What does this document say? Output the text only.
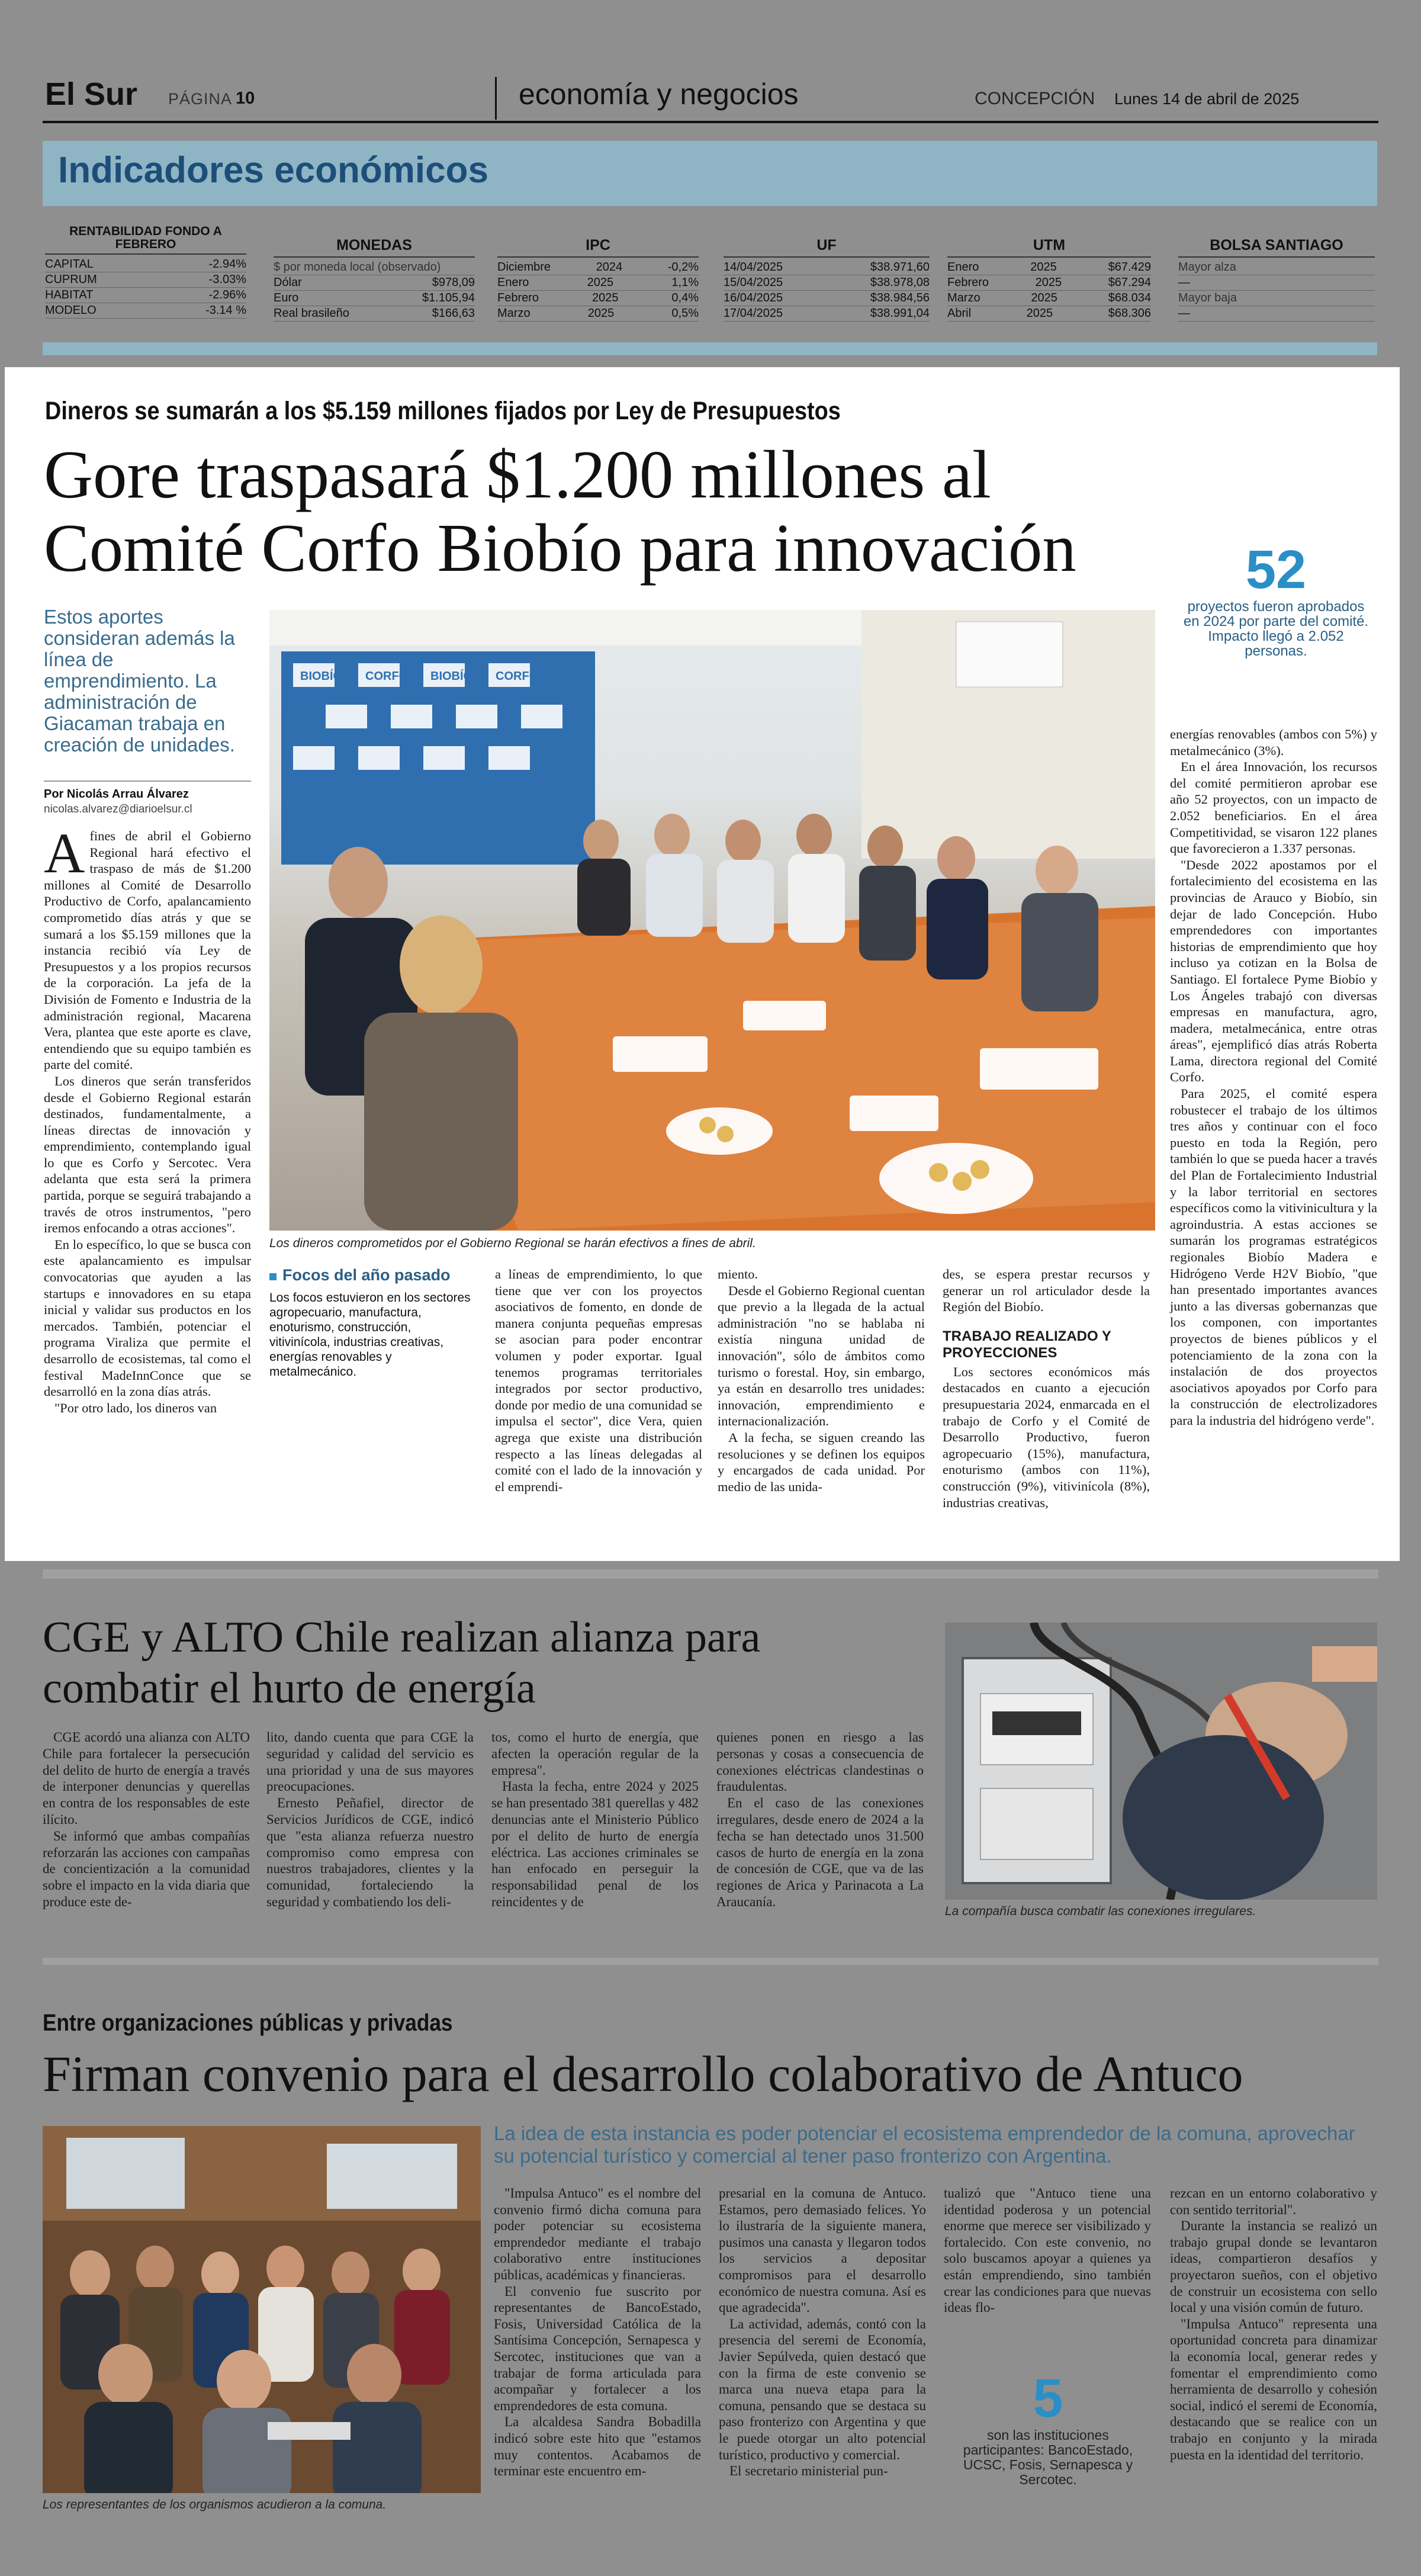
El Sur PÁGINA 10	economía y negocios	CONCEPCIÓN Lunes 14 de abril de 2025
Indicadores económicos
RENTABILIDAD FONDO A FEBRERO
CAPITAL	-2.94%
CUPRUM	-3.03%
HABITAT	-2.96%
MODELO	-3.14 %
MONEDAS
$ por moneda local (observado)
Dólar	$978,09
Euro	$1.105,94
Real brasileño	$166,63
IPC
Diciembre	2024	-0,2%
Enero	2025	1,1%
Febrero	2025	0,4%
Marzo	2025	0,5%
UF
14/04/2025	$38.971,60
15/04/2025	$38.978,08
16/04/2025	$38.984,56
17/04/2025	$38.991,04
UTM
Enero	2025	$67.429
Febrero	2025	$67.294
Marzo	2025	$68.034
Abril	2025	$68.306
BOLSA SANTIAGO
Mayor alza
—
Mayor baja
—
Dineros se sumarán a los $5.159 millones fijados por Ley de Presupuestos
Gore traspasará $1.200 millones al
Comité Corfo Biobío para innovación	52
proyectos fueron aprobados en 2024 por parte del comité. Impacto llegó a 2.052 personas.
Estos aportes consideran además la línea de emprendimiento. La administración de Giacaman trabaja en creación de unidades.
Por Nicolás Arrau Álvarez
nicolas.alvarez@diarioelsur.cl
BIOBÍO CORFO BIOBÍO CORFO
Los dineros comprometidos por el Gobierno Regional se harán efectivos a fines de abril.

Afines de abril el Gobierno Regional hará efectivo el traspaso de más de $1.200 millones al Comité de Desarrollo Productivo de Corfo, apalancamiento comprometido días atrás y que se sumará a los $5.159 millones que la instancia recibió vía Ley de Presupuestos y a los propios recursos de la corporación. La jefa de la División de Fomento e Industria de la administración regional, Macarena Vera, plantea que este aporte es clave, entendiendo que su equipo también es parte del comité.

Los dineros que serán transferidos desde el Gobierno Regional estarán destinados, fundamentalmente, a líneas directas de innovación y emprendimiento, contemplando igual lo que es Corfo y Sercotec. Vera adelanta que esta será la primera partida, porque se seguirá trabajando a través de otros instrumentos, "pero iremos enfocando a otras acciones".

En lo específico, lo que se busca con este apalancamiento es impulsar convocatorias que ayuden a las startups e innovadores en su etapa inicial y validar sus productos en los mercados. También, potenciar el programa Viraliza que permite el desarrollo de ecosistemas, tal como el festival MadeInnConce que se desarrolló en la zona días atrás.

"Por otro lado, los dineros van

Focos del año pasado
Los focos estuvieron en los sectores agropecuario, manufactura, enoturismo, construcción, vitivinícola, industrias creativas, energías renovables y metalmecánico.

a líneas de emprendimiento, lo que tiene que ver con los proyectos asociativos de fomento, en donde de manera conjunta pequeñas empresas se asocian para poder encontrar volumen y poder exportar. Igual tenemos programas territoriales integrados por sector productivo, donde por medio de una comunidad se impulsa el sector", dice Vera, quien agrega que existe una distribución respecto a las líneas delegadas al comité con el lado de la innovación y el emprendi-

miento.

Desde el Gobierno Regional cuentan que previo a la llegada de la actual administración "no se hablaba ni existía ninguna unidad de innovación", sólo de ámbitos como turismo o forestal. Hoy, sin embargo, ya están en desarrollo tres unidades: innovación, emprendimiento e internacionalización.

A la fecha, se siguen creando las resoluciones y se definen los equipos y encargados de cada unidad. Por medio de las unida-

des, se espera prestar recursos y generar un rol articulador desde la Región del Biobío.

TRABAJO REALIZADO Y PROYECCIONES

Los sectores económicos más destacados en cuanto a ejecución presupuestaria 2024, enmarcada en el trabajo de Corfo y el Comité de Desarrollo Productivo, fueron agropecuario (15%), manufactura, enoturismo (ambos con 11%), construcción (9%), vitivinícola (8%), industrias creativas,

energías renovables (ambos con 5%) y metalmecánico (3%).

En el área Innovación, los recursos del comité permitieron aprobar ese año 52 proyectos, con un impacto de 2.052 beneficiarios. En el área Competitividad, se visaron 122 planes que favorecieron a 1.337 personas.

"Desde 2022 apostamos por el fortalecimiento del ecosistema en las provincias de Arauco y Biobío, sin dejar de lado Concepción. Hubo emprendedores con importantes historias de emprendimiento que hoy incluso ya cotizan en la Bolsa de Santiago. El fortalece Pyme Biobío y Los Ángeles trabajó con diversas empresas en manufactura, agro, madera, metalmecánica, entre otras áreas", ejemplificó días atrás Roberta Lama, directora regional del Comité Corfo.

Para 2025, el comité espera robustecer el trabajo de los últimos tres años y continuar con el foco puesto en toda la Región, pero también lo que se pueda hacer a través del Plan de Fortalecimiento Industrial y la labor territorial en sectores específicos como la vitivinicultura y la agroindustria. A estas acciones se sumarán los programas estratégicos regionales Biobío Madera e Hidrógeno Verde H2V Biobío, "que han presentado importantes avances junto a las diversas gobernanzas que los componen, con importantes proyectos de bienes públicos y el potenciamiento de la zona con la instalación de dos proyectos asociativos apoyados por Corfo para la construcción de electrolizadores para la industria del hidrógeno verde".

CGE y ALTO Chile realizan alianza para
combatir el hurto de energía

CGE acordó una alianza con ALTO Chile para fortalecer la persecución del delito de hurto de energía a través de interponer denuncias y querellas en contra de los responsables de este ilícito.

Se informó que ambas compañías reforzarán las acciones con campañas de concientización a la comunidad sobre el impacto en la vida diaria que produce este de-

lito, dando cuenta que para CGE la seguridad y calidad del servicio es una prioridad y una de sus mayores preocupaciones.

Ernesto Peñafiel, director de Servicios Jurídicos de CGE, indicó que "esta alianza refuerza nuestro compromiso como empresa con nuestros trabajadores, clientes y la comunidad, fortaleciendo la seguridad y combatiendo los deli-

tos, como el hurto de energía, que afecten la operación regular de la empresa".

Hasta la fecha, entre 2024 y 2025 se han presentado 381 querellas y 482 denuncias ante el Ministerio Público por el delito de hurto de energía eléctrica. Las acciones criminales se han enfocado en perseguir la responsabilidad penal de los reincidentes y de

quienes ponen en riesgo a las personas y cosas a consecuencia de conexiones eléctricas clandestinas o fraudulentas.

En el caso de las conexiones irregulares, desde enero de 2024 a la fecha se han detectado unos 31.500 casos de hurto de energía en la zona de concesión de CGE, que va de las regiones de Arica y Parinacota a La Araucanía.

La compañía busca combatir las conexiones irregulares.
Entre organizaciones públicas y privadas
Firman convenio para el desarrollo colaborativo de Antuco
Los representantes de los organismos acudieron a la comuna.
La idea de esta instancia es poder potenciar el ecosistema emprendedor de la comuna, aprovechar su potencial turístico y comercial al tener paso fronterizo con Argentina.

"Impulsa Antuco" es el nombre del convenio firmó dicha comuna para poder potenciar su ecosistema emprendedor mediante el trabajo colaborativo entre instituciones públicas, académicas y financieras.

El convenio fue suscrito por representantes de BancoEstado, Fosis, Universidad Católica de la Santísima Concepción, Sernapesca y Sercotec, instituciones que van a trabajar de forma articulada para acompañar y fortalecer a los emprendedores de esta comuna.

La alcaldesa Sandra Bobadilla indicó sobre este hito que "estamos muy contentos. Acabamos de terminar este encuentro em-

presarial en la comuna de Antuco. Estamos, pero demasiado felices. Yo lo ilustraría de la siguiente manera, pusimos una canasta y llegaron todos los servicios a depositar compromisos para el desarrollo económico de nuestra comuna. Así es que agradecida".

La actividad, además, contó con la presencia del seremi de Economía, Javier Sepúlveda, quien destacó que con la firma de este convenio se marca una nueva etapa para la comuna, pensando que se destaca su paso fronterizo con Argentina y que le puede otorgar un alto potencial turístico, productivo y comercial.

El secretario ministerial pun-

tualizó que "Antuco tiene una identidad poderosa y un potencial enorme que merece ser visibilizado y fortalecido. Con este convenio, no solo buscamos apoyar a quienes ya están emprendiendo, sino también crear las condiciones para que nuevas ideas flo-

5
son las instituciones participantes: BancoEstado, UCSC, Fosis, Sernapesca y Sercotec.

rezcan en un entorno colaborativo y con sentido territorial".

Durante la instancia se realizó un trabajo grupal donde se levantaron ideas, compartieron desafíos y proyectaron sueños, con el objetivo de construir un ecosistema con sello local y una visión común de futuro.

"Impulsa Antuco" representa una oportunidad concreta para dinamizar la economía local, generar redes y fomentar el emprendimiento como herramienta de desarrollo y cohesión social, indicó el seremi de Economía, destacando que se realice con un trabajo en conjunto y la mirada puesta en la identidad del territorio.
